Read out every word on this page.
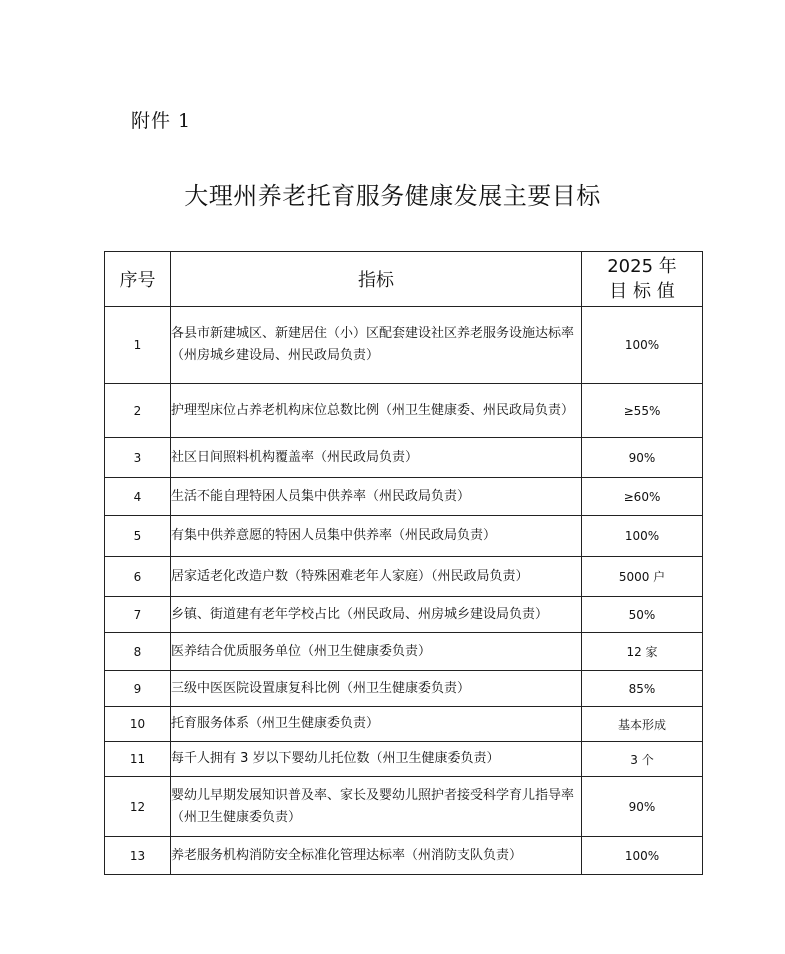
附件 1
大理州养老托育服务健康发展主要目标
序号	指标	2025 年
目 标 值

1	各县市新建城区、新建居住（小）区配套建设社区养老服务设施达标率（州房城乡建设局、州民政局负责）	100%
2	护理型床位占养老机构床位总数比例（州卫生健康委、州民政局负责）	≥55%
3	社区日间照料机构覆盖率（州民政局负责）	90%
4	生活不能自理特困人员集中供养率（州民政局负责）	≥60%
5	有集中供养意愿的特困人员集中供养率（州民政局负责）	100%
6	居家适老化改造户数（特殊困难老年人家庭）（州民政局负责）	5000 户
7	乡镇、街道建有老年学校占比（州民政局、州房城乡建设局负责）	50%
8	医养结合优质服务单位（州卫生健康委负责）	12 家
9	三级中医医院设置康复科比例（州卫生健康委负责）	85%
10	托育服务体系（州卫生健康委负责）	基本形成
11	每千人拥有 3 岁以下婴幼儿托位数（州卫生健康委负责）	3 个
12	婴幼儿早期发展知识普及率、家长及婴幼儿照护者接受科学育儿指导率（州卫生健康委负责）	90%
13	养老服务机构消防安全标准化管理达标率（州消防支队负责）	100%
